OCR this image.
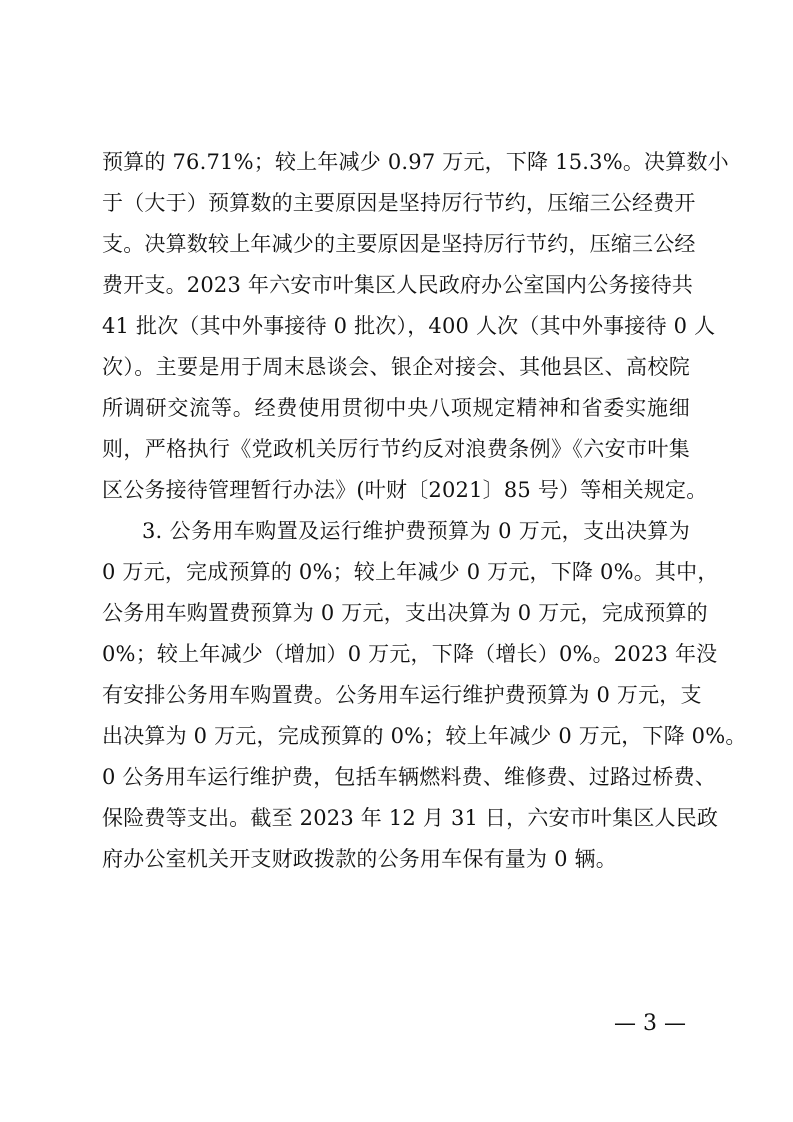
预算的 76.71%；较上年减少 0.97 万元，下降 15.3%。决算数小
于（大于）预算数的主要原因是坚持厉行节约，压缩三公经费开
支。决算数较上年减少的主要原因是坚持厉行节约，压缩三公经
费开支。2023 年六安市叶集区人民政府办公室国内公务接待共
41 批次（其中外事接待 0 批次），400 人次（其中外事接待 0 人
次）。主要是用于周末恳谈会、银企对接会、其他县区、高校院
所调研交流等。经费使用贯彻中央八项规定精神和省委实施细
则，严格执行《党政机关厉行节约反对浪费条例》《六安市叶集
区公务接待管理暂行办法》(叶财〔2021〕85 号）等相关规定。
3. 公务用车购置及运行维护费预算为 0 万元，支出决算为
0 万元，完成预算的 0%；较上年减少 0 万元，下降 0%。其中，
公务用车购置费预算为 0 万元，支出决算为 0 万元，完成预算的
0%；较上年减少（增加）0 万元，下降（增长）0%。2023 年没
有安排公务用车购置费。公务用车运行维护费预算为 0 万元，支
出决算为 0 万元，完成预算的 0%；较上年减少 0 万元，下降 0%。
0 公务用车运行维护费，包括车辆燃料费、维修费、过路过桥费、
保险费等支出。截至 2023 年 12 月 31 日，六安市叶集区人民政
府办公室机关开支财政拨款的公务用车保有量为 0 辆。
— 3 —
